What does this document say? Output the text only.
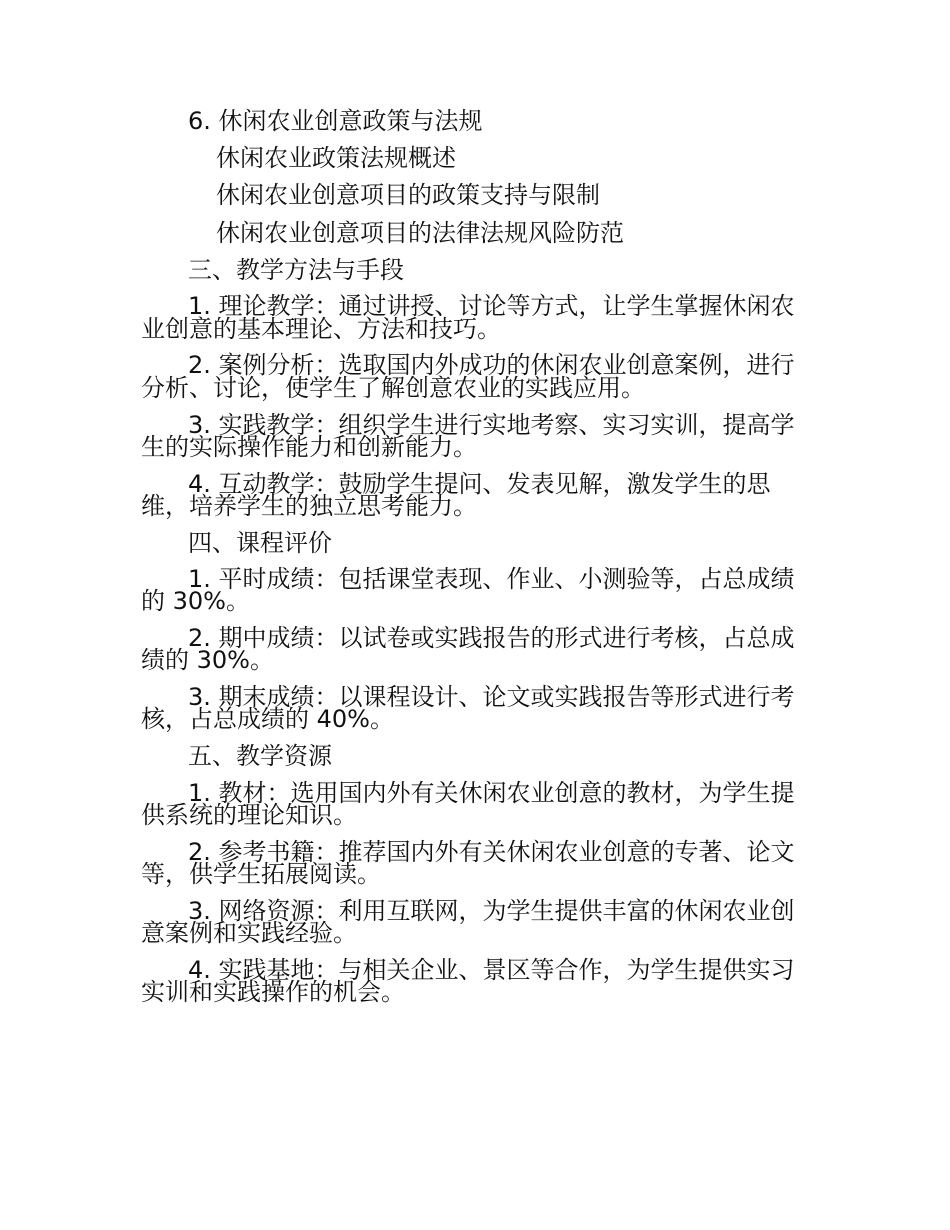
6. 休闲农业创意政策与法规
休闲农业政策法规概述
休闲农业创意项目的政策支持与限制
休闲农业创意项目的法律法规风险防范
三、教学方法与手段
1. 理论教学：通过讲授、讨论等方式，让学生掌握休闲农
业创意的基本理论、方法和技巧。
2. 案例分析：选取国内外成功的休闲农业创意案例，进行
分析、讨论，使学生了解创意农业的实践应用。
3. 实践教学：组织学生进行实地考察、实习实训，提高学
生的实际操作能力和创新能力。
4. 互动教学：鼓励学生提问、发表见解，激发学生的思
维，培养学生的独立思考能力。
四、课程评价
1. 平时成绩：包括课堂表现、作业、小测验等，占总成绩
的 30%。
2. 期中成绩：以试卷或实践报告的形式进行考核，占总成
绩的 30%。
3. 期末成绩：以课程设计、论文或实践报告等形式进行考
核，占总成绩的 40%。
五、教学资源
1. 教材：选用国内外有关休闲农业创意的教材，为学生提
供系统的理论知识。
2. 参考书籍：推荐国内外有关休闲农业创意的专著、论文
等，供学生拓展阅读。
3. 网络资源：利用互联网，为学生提供丰富的休闲农业创
意案例和实践经验。
4. 实践基地：与相关企业、景区等合作，为学生提供实习
实训和实践操作的机会。
